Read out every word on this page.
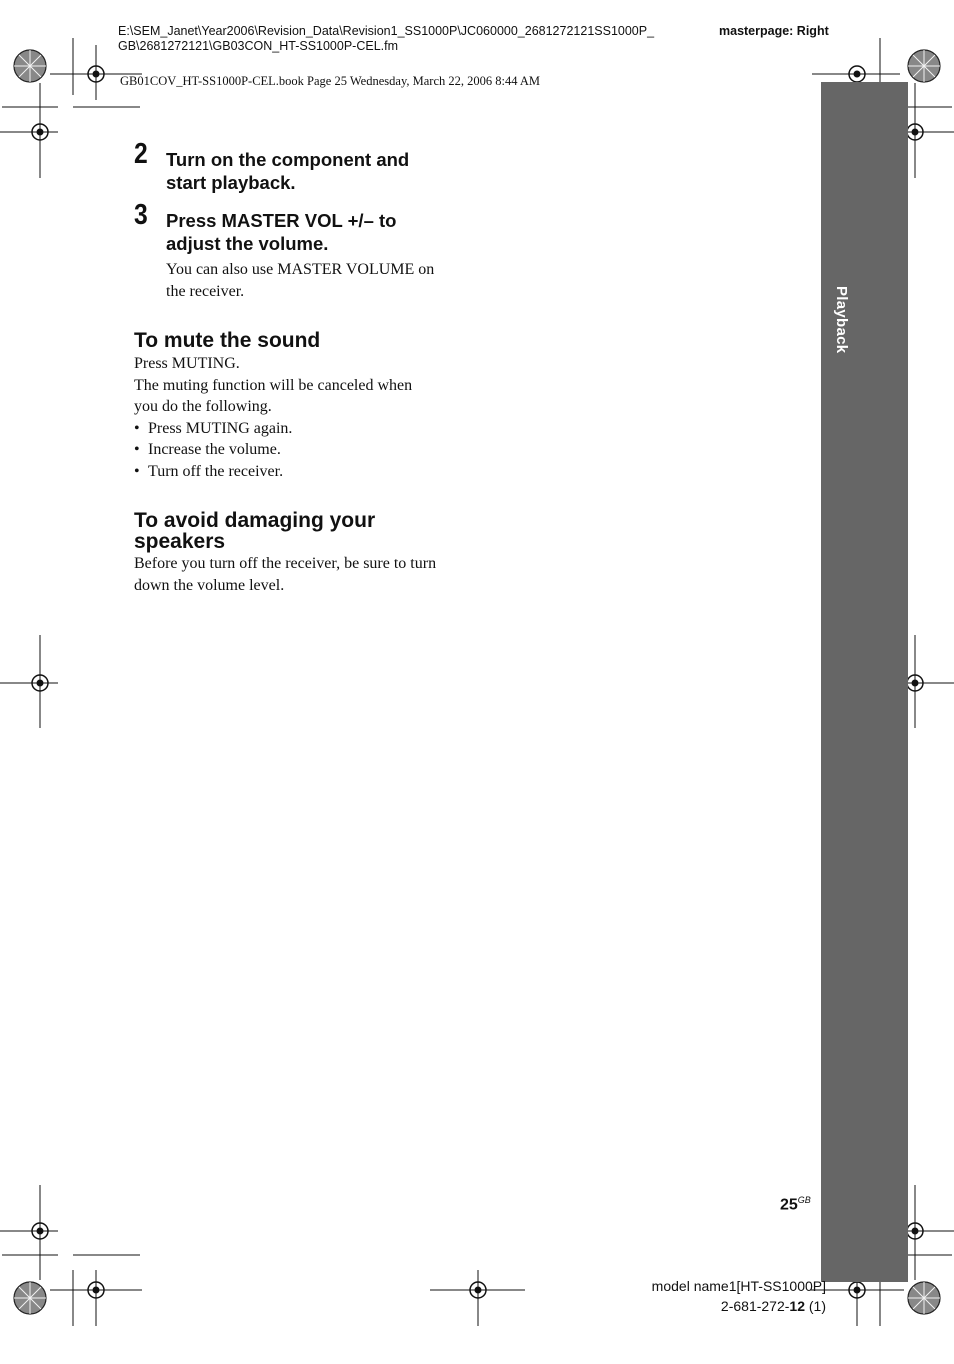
E:\SEM_Janet\Year2006\Revision_Data\Revision1_SS1000P\JC060000_2681272121SS1000P_
GB\2681272121\GB03CON_HT-SS1000P-CEL.fm
masterpage: Right
GB01COV_HT-SS1000P-CEL.book Page 25 Wednesday, March 22, 2006 8:44 AM
Playback
2 Turn on the component and
start playback.
3 Press MASTER VOL +/– to
adjust the volume.
You can also use MASTER VOLUME on
the receiver.
To mute the sound
Press MUTING.
The muting function will be canceled when
you do the following.
• Press MUTING again.
• Increase the volume.
• Turn off the receiver.
To avoid damaging your
speakers
Before you turn off the receiver, be sure to turn
down the volume level.
$25^{GB}$
model name1[HT-SS1000P]
2-681-272-12 (1)
